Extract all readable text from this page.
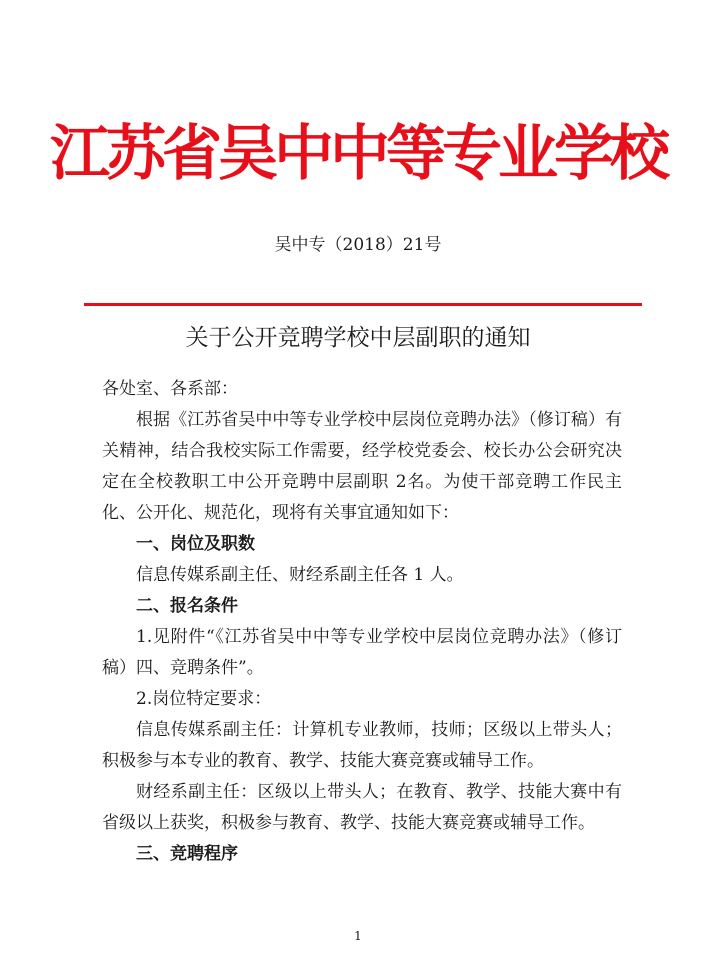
江苏省吴中中等专业学校
吴中专（2018）21号
关于公开竞聘学校中层副职的通知

各处室、各系部：

根据《江苏省吴中中等专业学校中层岗位竞聘办法》（修订稿）有关精神，结合我校实际工作需要，经学校党委会、校长办公会研究决定在全校教职工中公开竞聘中层副职 2名。为使干部竞聘工作民主化、公开化、规范化，现将有关事宜通知如下：

一、岗位及职数

信息传媒系副主任、财经系副主任各 1 人。

二、报名条件

1.见附件“《江苏省吴中中等专业学校中层岗位竞聘办法》（修订稿）四、竞聘条件”。

2.岗位特定要求：

信息传媒系副主任：计算机专业教师，技师；区级以上带头人；积极参与本专业的教育、教学、技能大赛竞赛或辅导工作。

财经系副主任：区级以上带头人；在教育、教学、技能大赛中有省级以上获奖，积极参与教育、教学、技能大赛竞赛或辅导工作。

三、竞聘程序

1
